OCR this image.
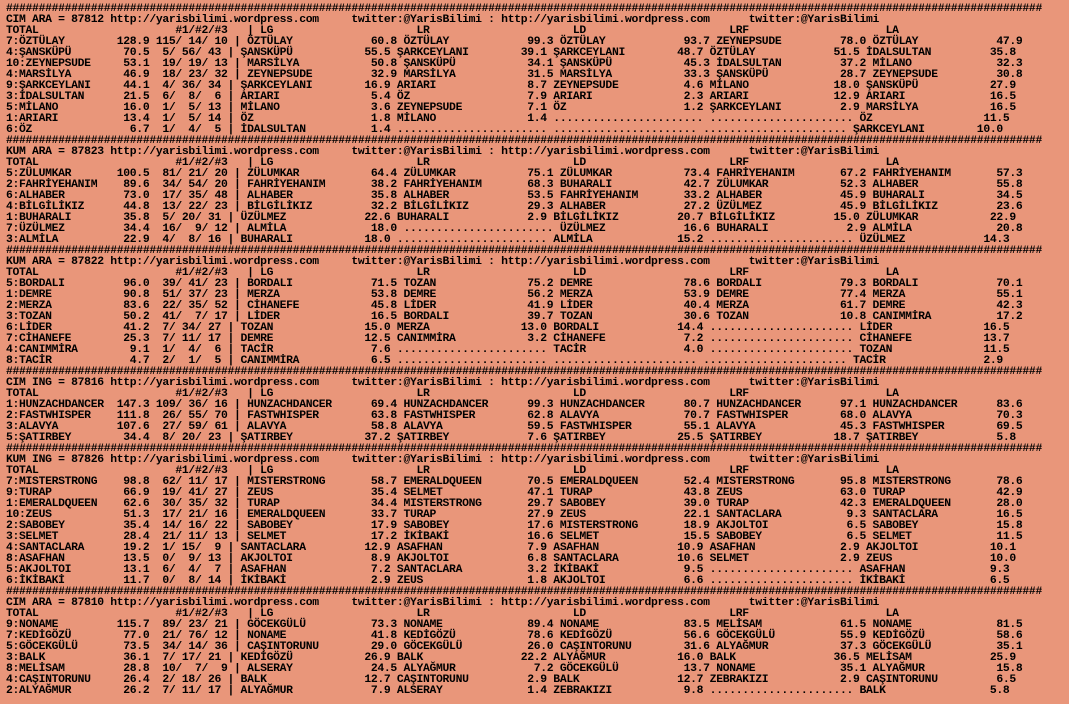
###############################################################################################################################################################
CIM ARA = 87812 http://yarisbilimi.wordpress.com     twitter:@YarisBilimi : http://yarisbilimi.wordpress.com      twitter:@YarisBilimi
TOTAL                     #1/#2/#3   | LG                      LR                      LD                      LRF                     LA
7:ÖZTÜLAY        128.9 115/ 14/ 10 | ÖZTÜLAY            60.8 ÖZTÜLAY            99.3 ÖZTÜLAY            93.7 ZEYNEPSUDE         78.0 ÖZTÜLAY            47.9
4:ŞANSKÜPÜ        70.5  5/ 56/ 43 | ŞANSKÜPÜ           55.5 ŞARKCEYLANI        39.1 ŞARKCEYLANI        48.7 ÖZTÜLAY            51.5 İDALSULTAN         35.8
10:ZEYNEPSUDE     53.1  19/ 19/ 13 | MARSİLYA           50.8 ŞANSKÜPÜ           34.1 ŞANSKÜPÜ           45.3 İDALSULTAN         37.2 MİLANO             32.3
4:MARSİLYA        46.9  18/ 23/ 32 | ZEYNEPSUDE         32.9 MARSİLYA           31.5 MARSİLYA           33.3 ŞANSKÜPÜ           28.7 ZEYNEPSUDE         30.8
9:ŞARKCEYLANI     44.1  4/ 36/ 34 | ŞARKCEYLANI        16.9 ARIARI              8.7 ZEYNEPSUDE          4.6 MİLANO             18.0 ŞANSKÜPÜ           27.9
3:İDALSULTAN      21.5  6/  8/  6 | ARIARI              5.4 ÖZ                  7.9 ARIARI              2.3 ARIARI             12.9 ARIARI             16.5
5:MİLANO          16.0  1/  5/ 13 | MİLANO              3.6 ZEYNEPSUDE          7.1 ÖZ                  1.2 ŞARKCEYLANI         2.9 MARSİLYA           16.5
1:ARIARI          13.4  1/  5/ 14 | ÖZ                  1.8 MİLANO              1.4 ....................... ...................... ÖZ                 11.5
6:ÖZ               6.7  1/  4/  5 | İDALSULTAN          1.4 ....................... ...................... ...................... ŞARKCEYLANI        10.0
###############################################################################################################################################################
KUM ARA = 87823 http://yarisbilimi.wordpress.com     twitter:@YarisBilimi : http://yarisbilimi.wordpress.com      twitter:@YarisBilimi
TOTAL                     #1/#2/#3   | LG                      LR                      LD                      LRF                     LA
5:ZÜLUMKAR       100.5  81/ 21/ 20 | ZÜLUMKAR           64.4 ZÜLUMKAR           75.1 ZÜLUMKAR           73.4 FAHRİYEHANIM       67.2 FAHRİYEHANIM       57.3
2:FAHRİYEHANIM    89.6  34/ 54/ 20 | FAHRİYEHANIM       38.2 FAHRİYEHANIM       68.3 BUHARALI           42.7 ZÜLUMKAR           52.3 ALHABER            55.8
6:ALHABER         73.0  17/ 35/ 48 | ALHABER            35.8 ALHABER            53.5 FAHRİYEHANIM       33.2 ALHABER            45.9 BUHARALI           34.5
4:BİLGİLİKIZ      44.8  13/ 22/ 23 | BİLGİLİKIZ         32.2 BİLGİLİKIZ         29.3 ALHABER            27.2 ÜZÜLMEZ            45.9 BİLGİLİKIZ         23.6
1:BUHARALI        35.8  5/ 20/ 31 | ÜZÜLMEZ            22.6 BUHARALI            2.9 BİLGİLİKIZ         20.7 BİLGİLİKIZ         15.0 ZÜLUMKAR           22.9
7:ÜZÜLMEZ         34.4  16/  9/ 12 | ALMİLA             18.0 ....................... ÜZÜLMEZ            16.6 BUHARALI            2.9 ALMİLA             20.8
3:ALMİLA          22.9  4/  8/ 16 | BUHARALI           18.0 ....................... ALMİLA             15.2 ...................... ÜZÜLMEZ            14.3
###############################################################################################################################################################
KUM ARA = 87822 http://yarisbilimi.wordpress.com     twitter:@YarisBilimi : http://yarisbilimi.wordpress.com      twitter:@YarisBilimi
TOTAL                     #1/#2/#3   | LG                      LR                      LD                      LRF                     LA
5:BORDALI         96.0  39/ 41/ 23 | BORDALI            71.5 TOZAN              75.2 DEMRE              78.6 BORDALI            79.3 BORDALI            70.1
1:DEMRE           90.8  51/ 37/ 23 | MERZA              53.8 DEMRE              56.2 MERZA              53.9 DEMRE              77.4 MERZA              55.1
2:MERZA           83.6  22/ 35/ 52 | CİHANEFE           45.8 LİDER              41.9 LİDER              40.4 MERZA              61.7 DEMRE              42.3
3:TOZAN           50.2  41/  7/ 17 | LİDER              16.5 BORDALI            39.7 TOZAN              30.6 TOZAN              10.8 CANIMMİRA          17.2
6:LİDER           41.2  7/ 34/ 27 | TOZAN              15.0 MERZA              13.0 BORDALI            14.4 ...................... LİDER              16.5
7:CİHANEFE        25.3  7/ 11/ 17 | DEMRE              12.5 CANIMMİRA           3.2 CİHANEFE            7.2 ...................... CİHANEFE           13.7
4:CANIMMİRA        9.1  1/  4/  6 | TACİR               7.6 ....................... TACİR               4.0 ...................... TOZAN              11.5
8:TACİR            4.7  2/  1/  5 | CANIMMİRA           6.5 ....................... ...................... ...................... TACİR               2.9
###############################################################################################################################################################
CIM ING = 87816 http://yarisbilimi.wordpress.com     twitter:@YarisBilimi : http://yarisbilimi.wordpress.com      twitter:@YarisBilimi
TOTAL                     #1/#2/#3   | LG                      LR                      LD                      LRF                     LA
1:HUNZACHDANCER  147.3 109/ 36/ 16 | HUNZACHDANCER      69.4 HUNZACHDANCER      99.3 HUNZACHDANCER      80.7 HUNZACHDANCER      97.1 HUNZACHDANCER      83.6
2:FASTWHISPER    111.8  26/ 55/ 70 | FASTWHISPER        63.8 FASTWHISPER        62.8 ALAVYA             70.7 FASTWHISPER        68.0 ALAVYA             70.3
3:ALAVYA         107.6  27/ 59/ 61 | ALAVYA             58.8 ALAVYA             59.5 FASTWHISPER        55.1 ALAVYA             45.3 FASTWHISPER        69.5
5:ŞATIRBEY        34.4  8/ 20/ 23 | ŞATIRBEY           37.2 ŞATIRBEY            7.6 ŞATIRBEY           25.5 ŞATIRBEY           18.7 ŞATIRBEY            5.8
###############################################################################################################################################################
KUM ING = 87826 http://yarisbilimi.wordpress.com     twitter:@YarisBilimi : http://yarisbilimi.wordpress.com      twitter:@YarisBilimi
TOTAL                     #1/#2/#3   | LG                      LR                      LD                      LRF                     LA
7:MISTERSTRONG    98.8  62/ 11/ 17 | MISTERSTRONG       58.7 EMERALDQUEEN       70.5 EMERALDQUEEN       52.4 MISTERSTRONG       95.8 MISTERSTRONG       78.6
9:TURAP           66.9  19/ 41/ 27 | ZEUS               35.4 SELMET             47.1 TURAP              43.8 ZEUS               63.0 TURAP              42.9
1:EMERALDQUEEN    62.6  30/ 35/ 32 | TURAP              34.4 MISTERSTRONG       29.7 SABOBEY            39.0 TURAP              42.3 EMERALDQUEEN       28.0
10:ZEUS           51.3  17/ 21/ 16 | EMERALDQUEEN       33.7 TURAP              27.9 ZEUS               22.1 SANTACLARA          9.3 SANTACLARA         16.5
2:SABOBEY         35.4  14/ 16/ 22 | SABOBEY            17.9 SABOBEY            17.6 MISTERSTRONG       18.9 AKJOLTOI            6.5 SABOBEY            15.8
3:SELMET          28.4  21/ 11/ 13 | SELMET             17.2 İKİBAKİ            16.6 SELMET             15.5 SABOBEY             6.5 SELMET             11.5
4:SANTACLARA      19.2  1/ 15/  9 | SANTACLARA         12.9 ASAFHAN             7.9 ASAFHAN            10.9 ASAFHAN             2.9 AKJOLTOI           10.1
8:ASAFHAN         13.5  0/  9/ 13 | AKJOLTOI            8.9 AKJOLTOI            6.8 SANTACLARA         10.6 SELMET              2.9 ZEUS               10.0
5:AKJOLTOI        13.1  6/  4/  7 | ASAFHAN             7.2 SANTACLARA          3.2 İKİBAKİ             9.5 ...................... ASAFHAN             9.3
6:İKİBAKİ         11.7  0/  8/ 14 | İKİBAKİ             2.9 ZEUS                1.8 AKJOLTOI            6.6 ...................... İKİBAKİ             6.5
###############################################################################################################################################################
CIM ARA = 87810 http://yarisbilimi.wordpress.com     twitter:@YarisBilimi : http://yarisbilimi.wordpress.com      twitter:@YarisBilimi
TOTAL                     #1/#2/#3   | LG                      LR                      LD                      LRF                     LA
9:NONAME         115.7  89/ 23/ 21 | GÖCEKGÜLÜ          73.3 NONAME             89.4 NONAME             83.5 MELİSAM            61.5 NONAME             81.5
7:KEDİGÖZÜ        77.0  21/ 76/ 12 | NONAME             41.8 KEDİGÖZÜ           78.6 KEDİGÖZÜ           56.6 GÖCEKGÜLÜ          55.9 KEDİGÖZÜ           58.6
5:GÖCEKGÜLÜ       73.5  34/ 14/ 36 | CAŞINTORUNU        29.0 GÖCEKGÜLÜ          26.0 CAŞINTORUNU        31.6 ALYAĞMUR           37.3 GÖCEKGÜLÜ          35.1
3:BALK            36.1  7/ 17/ 21 | KEDİGÖZÜ           26.9 BALK               22.2 ALYAĞMUR           16.0 BALK               36.5 MELİSAM            25.9
8:MELİSAM         28.8  10/  7/  9 | ALSERAY            24.5 ALYAĞMUR            7.2 GÖCEKGÜLÜ          13.7 NONAME             35.1 ALYAĞMUR           15.8
4:CAŞINTORUNU     26.4  2/ 18/ 26 | BALK               12.7 CAŞINTORUNU         2.9 BALK               12.7 ZEBRAKIZI           2.9 CAŞINTORUNU         6.5
2:ALYAĞMUR        26.2  7/ 11/ 17 | ALYAĞMUR            7.9 ALSERAY             1.4 ZEBRAKIZI           9.8 ...................... BALK                5.8
